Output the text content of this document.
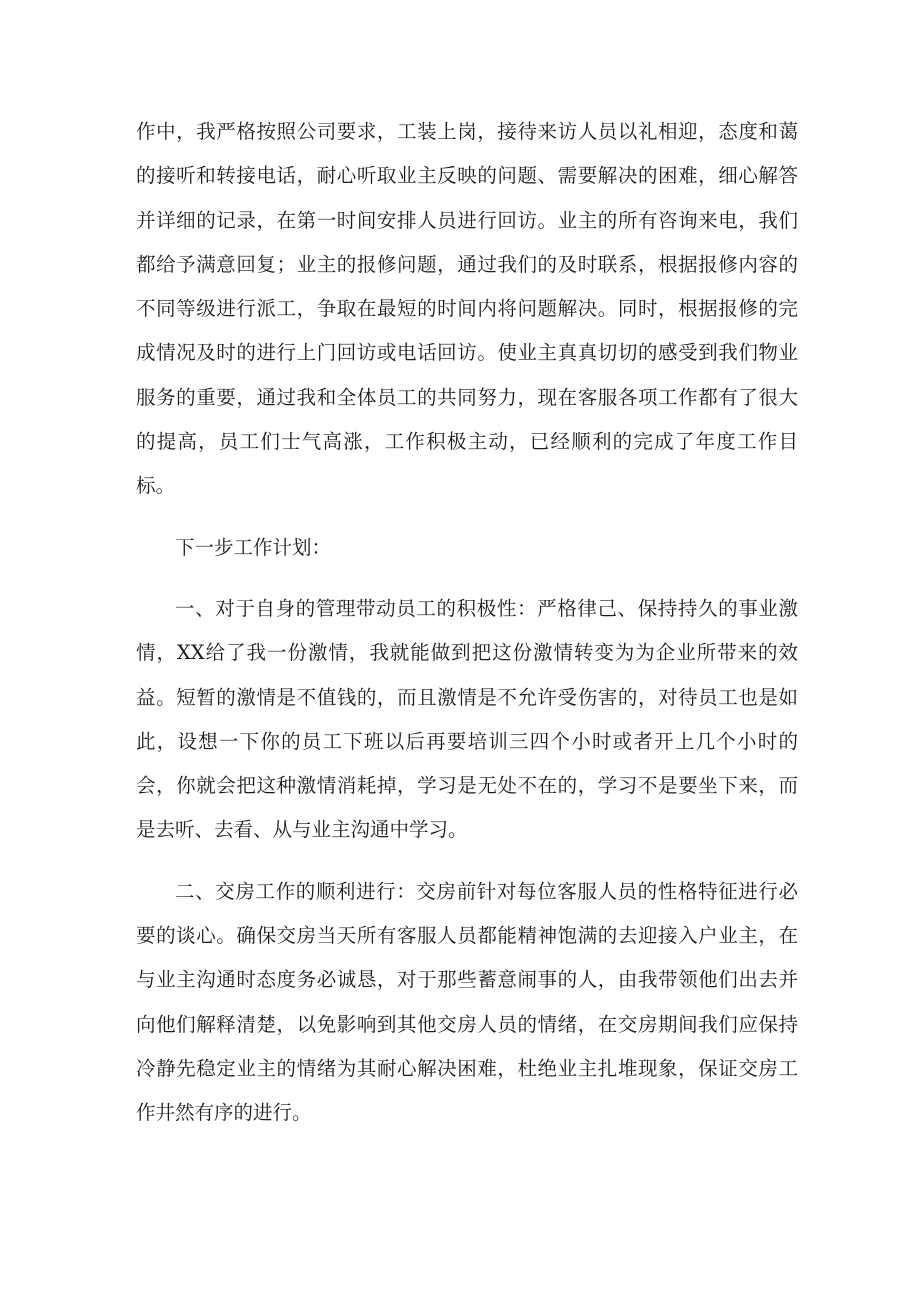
作中，我严格按照公司要求，工装上岗，接待来访人员以礼相迎，态度和蔼的接听和转接电话，耐心听取业主反映的问题、需要解决的困难，细心解答并详细的记录，在第一时间安排人员进行回访。业主的所有咨询来电，我们都给予满意回复；业主的报修问题，通过我们的及时联系，根据报修内容的不同等级进行派工，争取在最短的时间内将问题解决。同时，根据报修的完成情况及时的进行上门回访或电话回访。使业主真真切切的感受到我们物业服务的重要，通过我和全体员工的共同努力，现在客服各项工作都有了很大的提高，员工们士气高涨，工作积极主动，已经顺利的完成了年度工作目标。

下一步工作计划：

一、对于自身的管理带动员工的积极性：严格律己、保持持久的事业激情，XX给了我一份激情，我就能做到把这份激情转变为为企业所带来的效益。短暂的激情是不值钱的，而且激情是不允许受伤害的，对待员工也是如此，设想一下你的员工下班以后再要培训三四个小时或者开上几个小时的会，你就会把这种激情消耗掉，学习是无处不在的，学习不是要坐下来，而是去听、去看、从与业主沟通中学习。

二、交房工作的顺利进行：交房前针对每位客服人员的性格特征进行必要的谈心。确保交房当天所有客服人员都能精神饱满的去迎接入户业主，在与业主沟通时态度务必诚恳，对于那些蓄意闹事的人，由我带领他们出去并向他们解释清楚，以免影响到其他交房人员的情绪，在交房期间我们应保持冷静先稳定业主的情绪为其耐心解决困难，杜绝业主扎堆现象，保证交房工作井然有序的进行。
